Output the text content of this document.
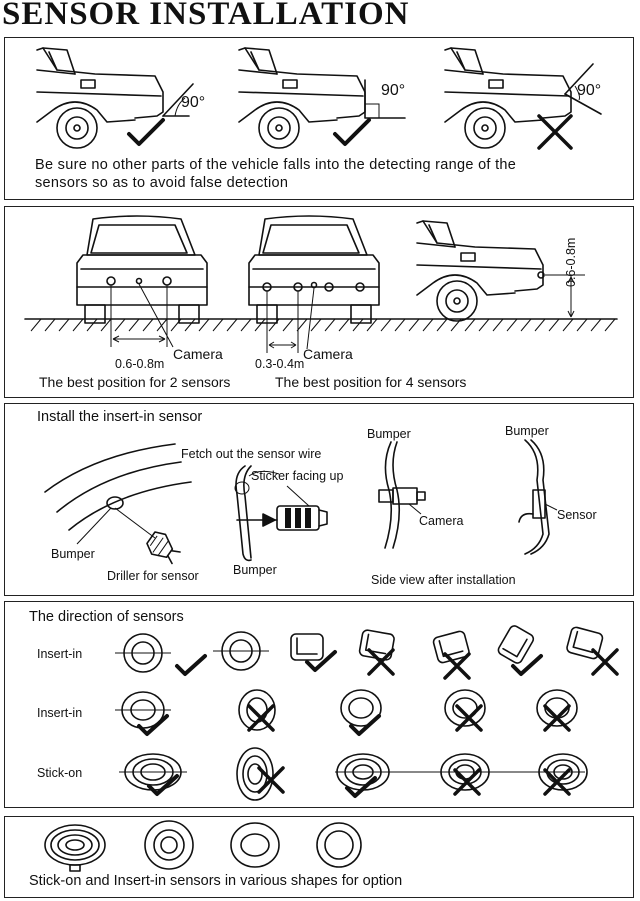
SENSOR INSTALLATION
90°
90°	90°
Be sure no other parts of the vehicle falls into the detecting range of the
sensors so as to avoid false detection
0.6-0.8m
Camera
0.3-0.4m
Camera
0.6-0.8m
The best position for 2 sensors	The best position for 4 sensors
Install the insert-in sensor
Fetch out the sensor wire
Sticker facing up
Bumper	Bumper
Bumper
Driller for sensor	Bumper
Camera	Sensor
Side view after installation
The direction of sensors
Insert-in
Insert-in
Stick-on
Stick-on and Insert-in sensors in various shapes for option
